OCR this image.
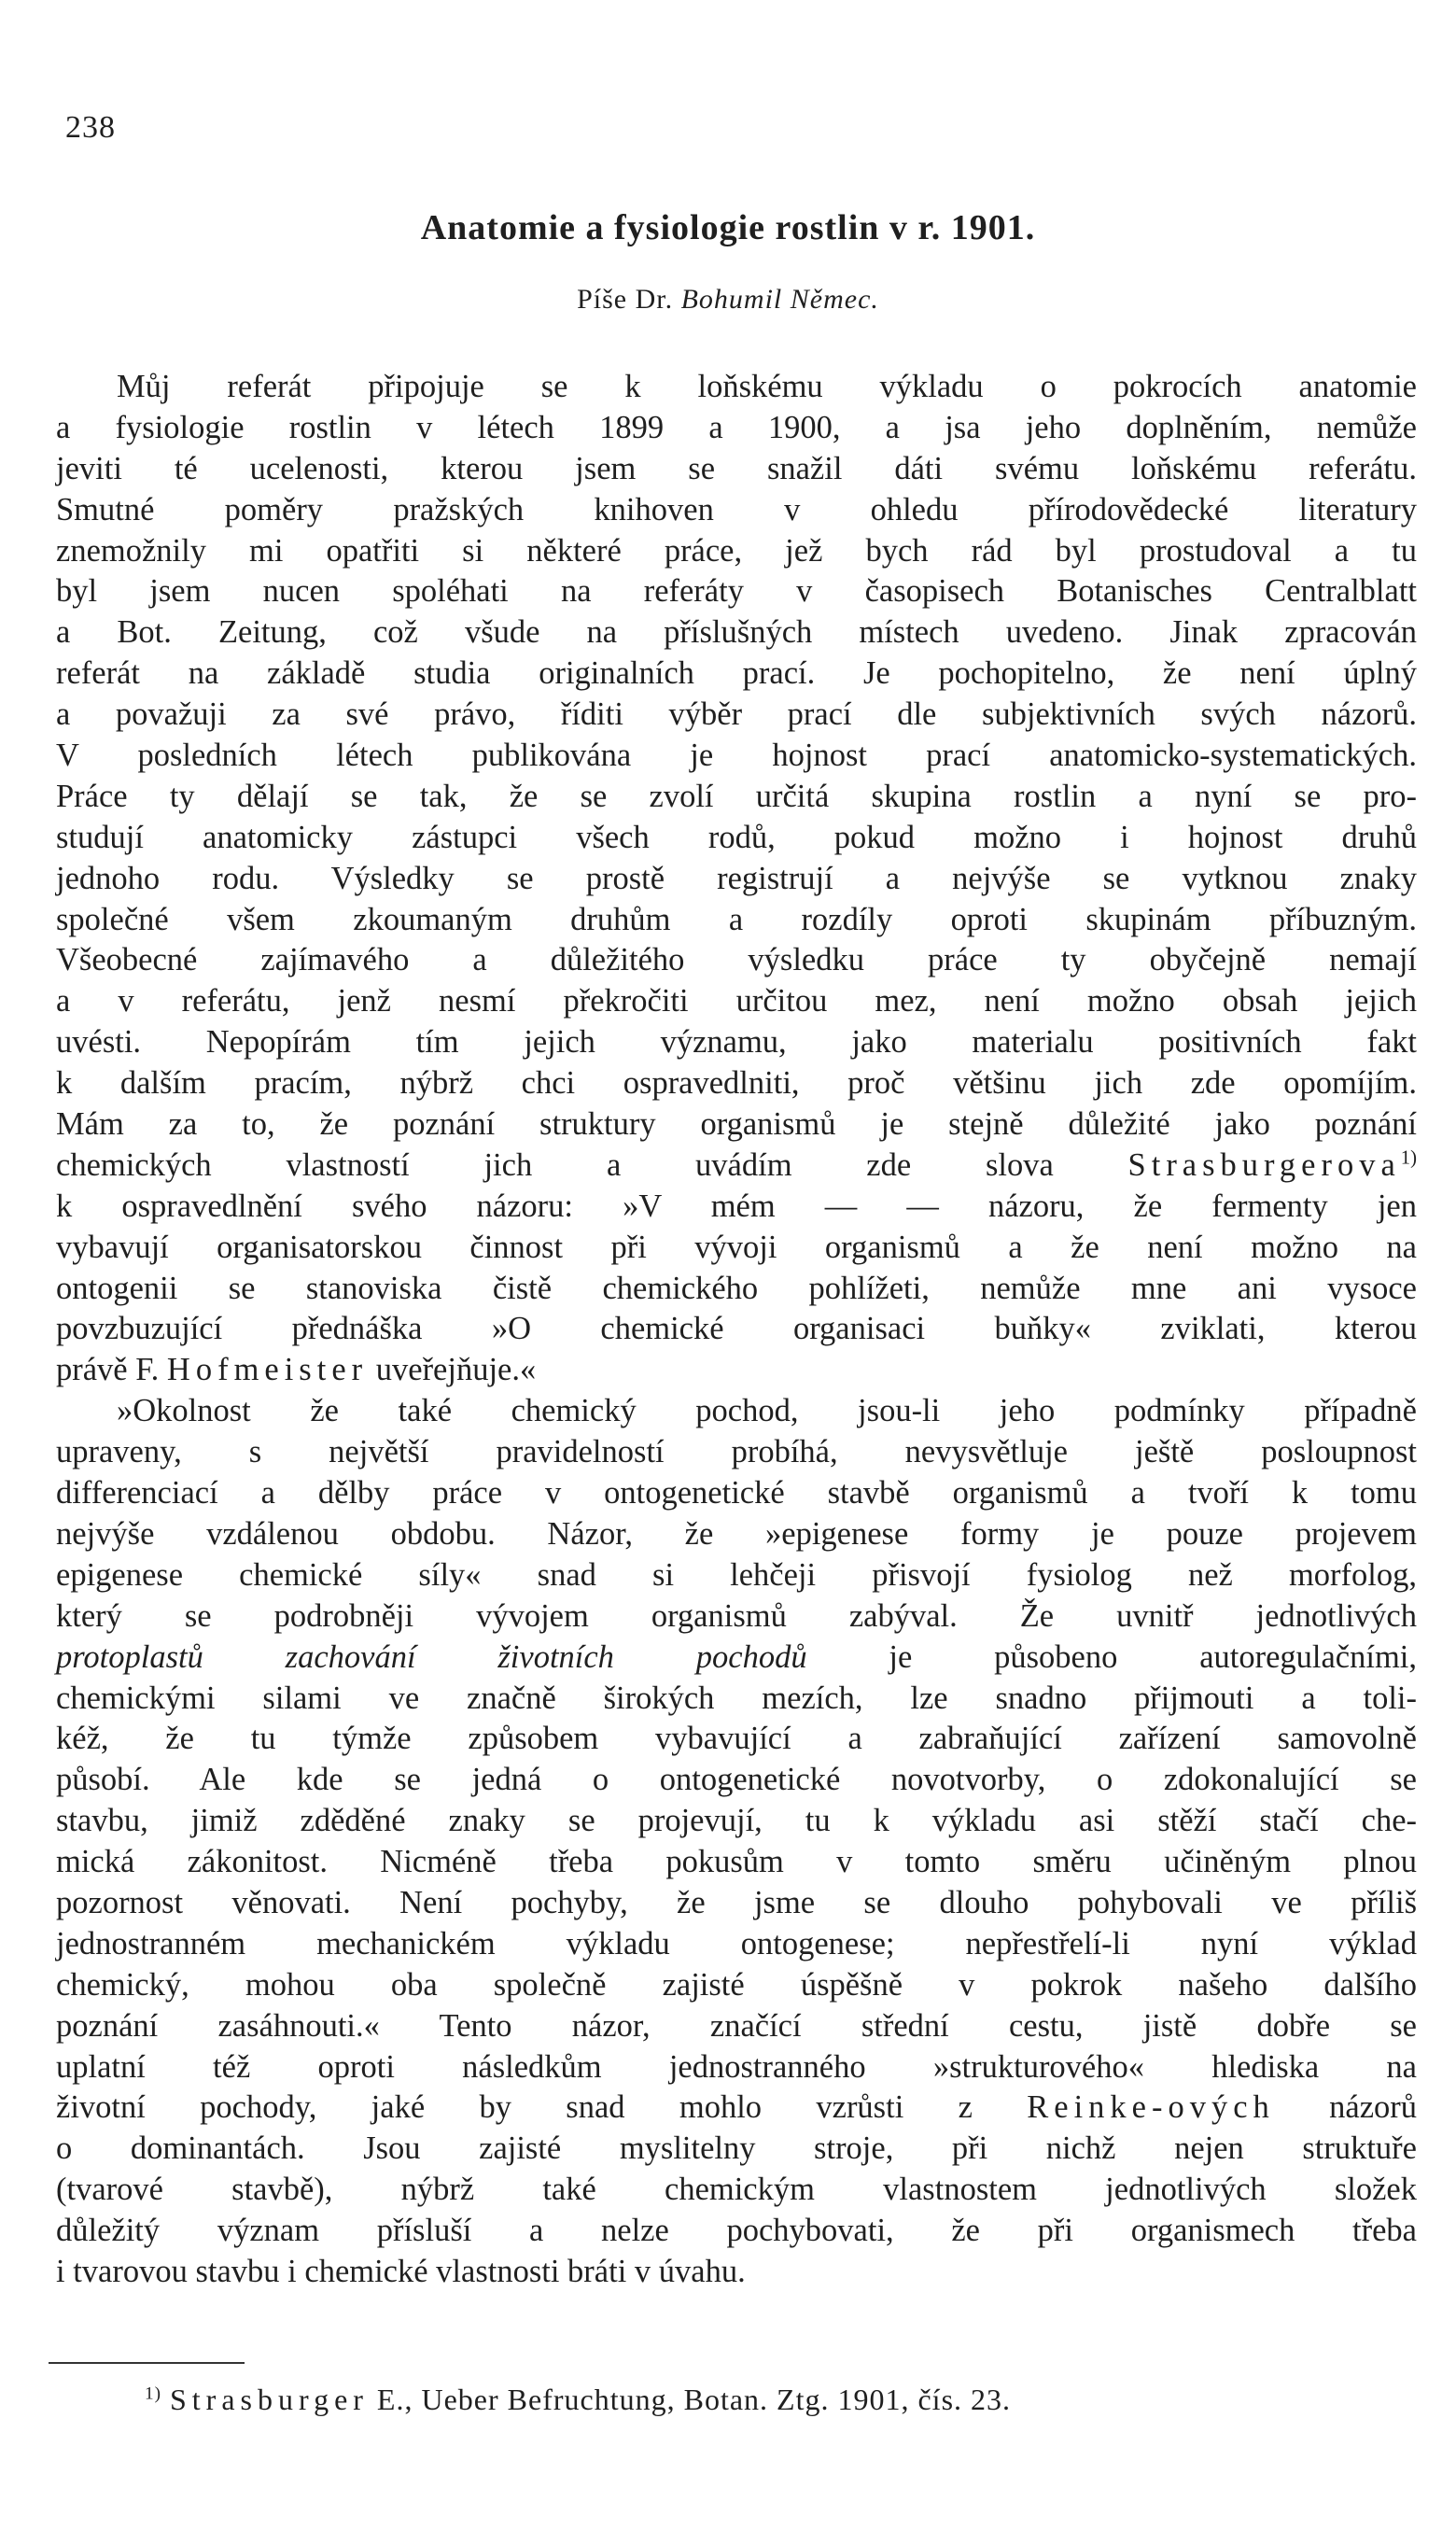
238
Anatomie a fysiologie rostlin v r. 1901.
Píše Dr. Bohumil Němec.
Můj referát připojuje se k loňskému výkladu o pokrocích anatomie
a fysiologie rostlin v létech 1899 a 1900, a jsa jeho doplněním, nemůže
jeviti té ucelenosti, kterou jsem se snažil dáti svému loňskému referátu.
Smutné poměry pražských knihoven v ohledu přírodovědecké literatury
znemožnily mi opatřiti si některé práce, jež bych rád byl prostudoval a tu
byl jsem nucen spoléhati na referáty v časopisech Botanisches Centralblatt
a Bot. Zeitung, což všude na příslušných místech uvedeno. Jinak zpracován
referát na základě studia originalních prací. Je pochopitelno, že není úplný
a považuji za své právo, říditi výběr prací dle subjektivních svých názorů.
V posledních létech publikována je hojnost prací anatomicko-systematických.
Práce ty dělají se tak, že se zvolí určitá skupina rostlin a nyní se pro-
studují anatomicky zástupci všech rodů, pokud možno i hojnost druhů
jednoho rodu. Výsledky se prostě registrují a nejvýše se vytknou znaky
společné všem zkoumaným druhům a rozdíly oproti skupinám příbuzným.
Všeobecné zajímavého a důležitého výsledku práce ty obyčejně nemají
a v referátu, jenž nesmí překročiti určitou mez, není možno obsah jejich
uvésti. Nepopírám tím jejich významu, jako materialu positivních fakt
k dalším pracím, nýbrž chci ospravedlniti, proč většinu jich zde opomíjím.
Mám za to, že poznání struktury organismů je stejně důležité jako poznání
chemických vlastností jich a uvádím zde slova Strasburgerova$^{1)}$
k ospravedlnění svého názoru: »V mém — — názoru, že fermenty jen
vybavují organisatorskou činnost při vývoji organismů a že není možno na
ontogenii se stanoviska čistě chemického pohlížeti, nemůže mne ani vysoce
povzbuzující přednáška »O chemické organisaci buňky« zviklati, kterou
právě F. Hofmeister uveřejňuje.«
»Okolnost že také chemický pochod, jsou-li jeho podmínky případně
upraveny, s největší pravidelností probíhá, nevysvětluje ještě posloupnost
differenciací a dělby práce v ontogenetické stavbě organismů a tvoří k tomu
nejvýše vzdálenou obdobu. Názor, že »epigenese formy je pouze projevem
epigenese chemické síly« snad si lehčeji přisvojí fysiolog než morfolog,
který se podrobněji vývojem organismů zabýval. Že uvnitř jednotlivých
protoplastů zachování životních pochodů	je působeno autoregulačními,
chemickými silami ve značně širokých mezích, lze snadno přijmouti a toli-
kéž, že tu týmže způsobem vybavující a zabraňující zařízení samovolně
působí. Ale kde se jedná o ontogenetické novotvorby, o zdokonalující se
stavbu, jimiž zděděné znaky se projevují, tu k výkladu asi stěží stačí che-
mická zákonitost. Nicméně třeba pokusům v tomto směru učiněným plnou
pozornost věnovati. Není pochyby, že jsme se dlouho pohybovali ve příliš
jednostranném mechanickém výkladu ontogenese; nepřestřelí-li nyní výklad
chemický, mohou oba společně zajisté úspěšně v pokrok našeho dalšího
poznání zasáhnouti.« Tento názor, značící střední cestu, jistě dobře se
uplatní též oproti následkům jednostranného »strukturového« hlediska na
životní pochody, jaké by snad mohlo vzrůsti z Reinke-ových názorů
o dominantách. Jsou zajisté myslitelny stroje, při nichž nejen struktuře
(tvarové stavbě), nýbrž také chemickým vlastnostem jednotlivých složek
důležitý význam přísluší a nelze pochybovati, že při organismech třeba
i tvarovou stavbu i chemické vlastnosti bráti v úvahu.
$^{1)}$ Strasburger E., Ueber Befruchtung, Botan. Ztg. 1901, čís. 23.
